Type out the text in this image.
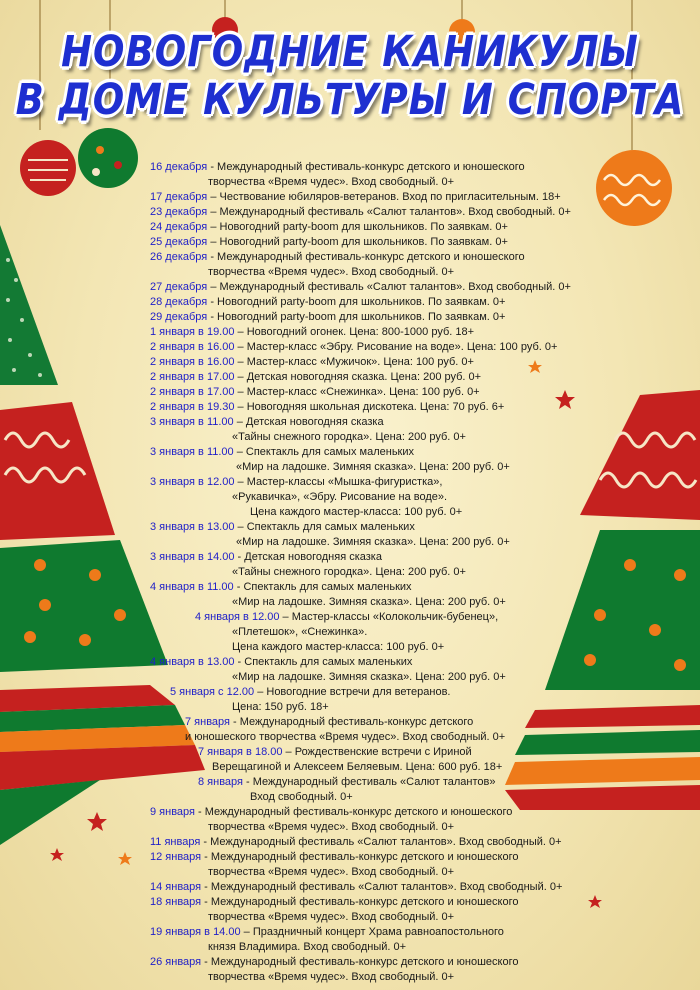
НОВОГОДНИЕ КАНИКУЛЫ
В ДОМЕ КУЛЬТУРЫ И СПОРТА
16 декабря - Международный фестиваль-конкурс детского и юношеского
творчества «Время чудес». Вход свободный. 0+
17 декабря – Чествование юбиляров-ветеранов. Вход по пригласительным. 18+
23 декабря – Международный фестиваль «Салют талантов». Вход свободный. 0+
24 декабря – Новогодний party-boom для школьников. По заявкам. 0+
25 декабря – Новогодний party-boom для школьников. По заявкам. 0+
26 декабря - Международный фестиваль-конкурс детского и юношеского
творчества «Время чудес». Вход свободный. 0+
27 декабря – Международный фестиваль «Салют талантов». Вход свободный. 0+
28 декабря - Новогодний party-boom для школьников. По заявкам. 0+
29 декабря - Новогодний party-boom для школьников. По заявкам. 0+
1 января в 19.00 – Новогодний огонек. Цена: 800-1000 руб. 18+
2 января в 16.00 – Мастер-класс «Эбру. Рисование на воде». Цена: 100 руб. 0+
2 января в 16.00 – Мастер-класс «Мужичок». Цена: 100 руб. 0+
2 января в 17.00 – Детская новогодняя сказка. Цена: 200 руб. 0+
2 января в 17.00 – Мастер-класс «Снежинка». Цена: 100 руб. 0+
2 января в 19.30 – Новогодняя школьная дискотека. Цена: 70 руб. 6+
3 января в 11.00 – Детская новогодняя сказка
«Тайны снежного городка». Цена: 200 руб. 0+
3 января в 11.00 – Спектакль для самых маленьких
«Мир на ладошке. Зимняя сказка». Цена: 200 руб. 0+
3 января в 12.00 – Мастер-классы «Мышка-фигуристка»,
«Рукавичка», «Эбру. Рисование на воде».
Цена каждого мастер-класса: 100 руб. 0+
3 января в 13.00 – Спектакль для самых маленьких
«Мир на ладошке. Зимняя сказка». Цена: 200 руб. 0+
3 января в 14.00 - Детская новогодняя сказка
«Тайны снежного городка». Цена: 200 руб. 0+
4 января в 11.00 - Спектакль для самых маленьких
«Мир на ладошке. Зимняя сказка». Цена: 200 руб. 0+
4 января в 12.00 – Мастер-классы «Колокольчик-бубенец»,
«Плетешок», «Снежинка».
Цена каждого мастер-класса: 100 руб. 0+
4 января в 13.00 - Спектакль для самых маленьких
«Мир на ладошке. Зимняя сказка». Цена: 200 руб. 0+
5 января с 12.00 – Новогодние встречи для ветеранов.
Цена: 150 руб. 18+
7 января - Международный фестиваль-конкурс детского
и юношеского творчества «Время чудес». Вход свободный. 0+
7 января в 18.00 – Рождественские встречи с Ириной
Верещагиной и Алексеем Беляевым. Цена: 600 руб. 18+
8 января - Международный фестиваль «Салют талантов»
Вход свободный. 0+
9 января - Международный фестиваль-конкурс детского и юношеского
творчества «Время чудес». Вход свободный. 0+
11 января - Международный фестиваль «Салют талантов». Вход свободный. 0+
12 января - Международный фестиваль-конкурс детского и юношеского
творчества «Время чудес». Вход свободный. 0+
14 января - Международный фестиваль «Салют талантов». Вход свободный. 0+
18 января - Международный фестиваль-конкурс детского и юношеского
творчества «Время чудес». Вход свободный. 0+
19 января в 14.00 – Праздничный концерт Храма равноапостольного
князя Владимира. Вход свободный. 0+
26 января - Международный фестиваль-конкурс детского и юношеского
творчества «Время чудес». Вход свободный. 0+
